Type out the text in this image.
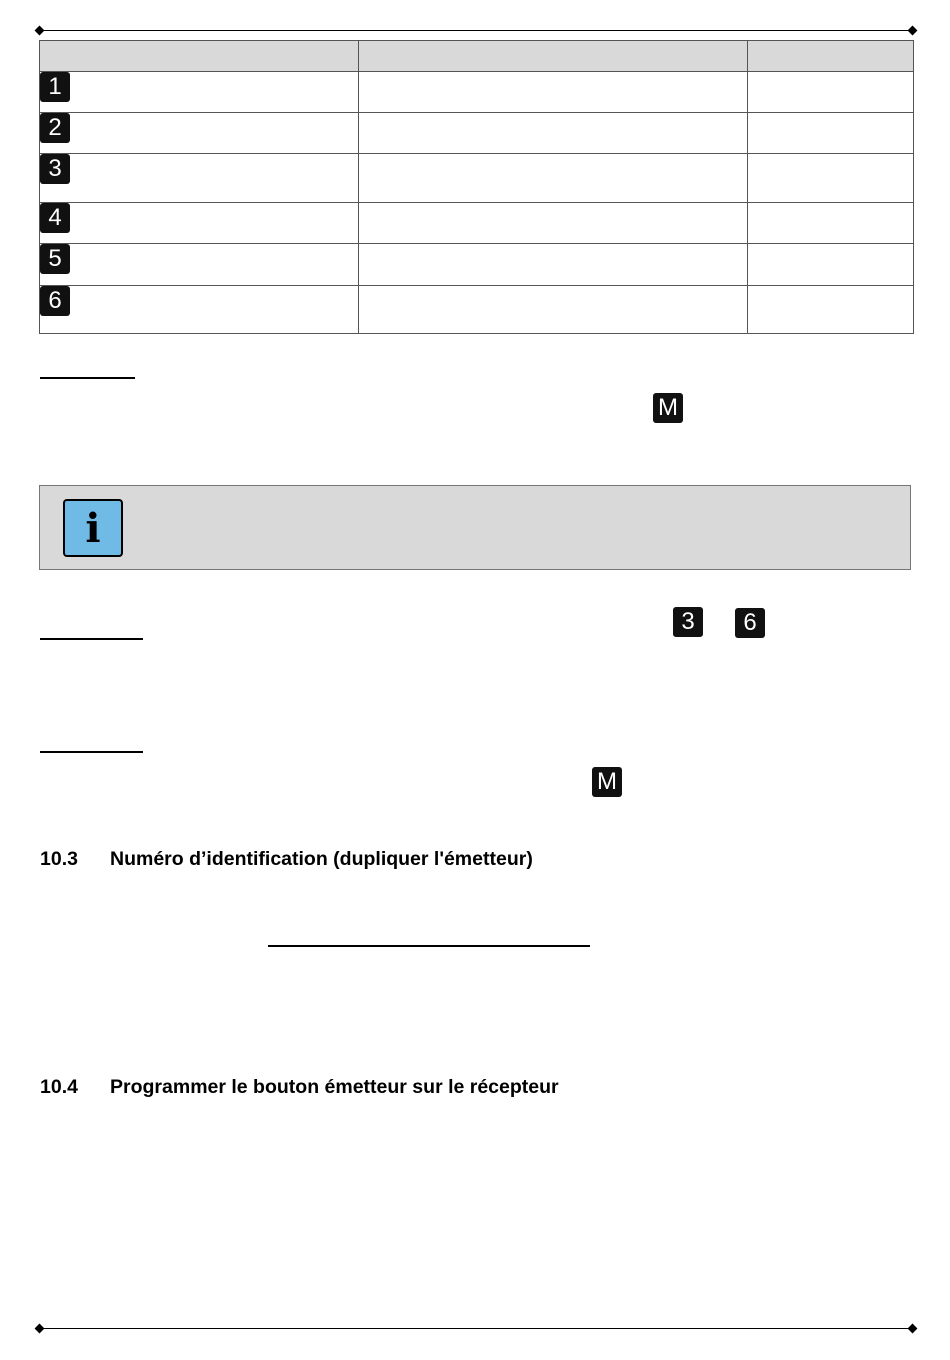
1		
2		
3		
4		
5		
6		
M
i
3	6
M
10.3 Numéro d’identification (dupliquer l'émetteur)
10.4 Programmer le bouton émetteur sur le récepteur
